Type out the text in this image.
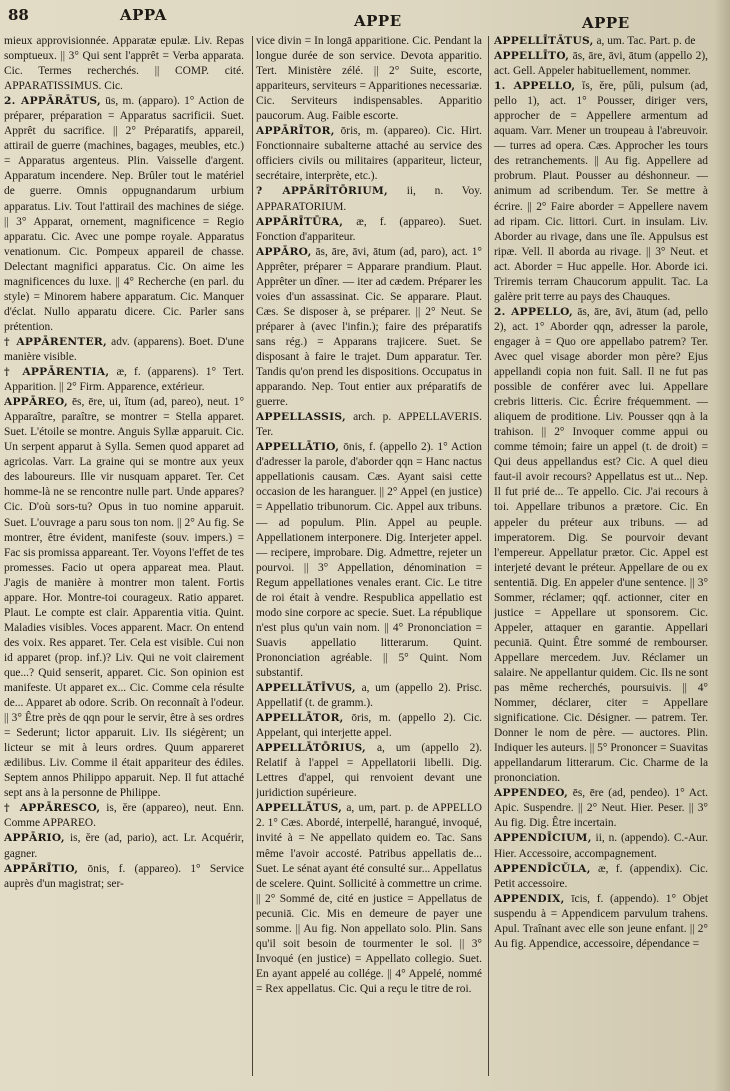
88	APPA	APPE	APPE

mieux approvisionnée. Apparatæ epulæ. Liv. Repas somptueux. || 3° Qui sent l'apprêt = Verba apparata. Cic. Termes recherchés. || COMP. cité. APPARATISSIMUS. Cic.

2. APPĀRĀTUS, ūs, m. (apparo). 1° Action de préparer, préparation = Apparatus sacrificii. Suet. Apprêt du sacrifice. || 2° Préparatifs, appareil, attirail de guerre (machines, bagages, meubles, etc.) = Apparatus argenteus. Plin. Vaisselle d'argent. Apparatum incendere. Nep. Brûler tout le matériel de guerre. Omnis oppugnandarum urbium apparatus. Liv. Tout l'attirail des machines de siége. || 3° Apparat, ornement, magnificence = Regio apparatu. Cic. Avec une pompe royale. Apparatus venationum. Cic. Pompeux appareil de chasse. Delectant magnifici apparatus. Cic. On aime les magnificences du luxe. || 4° Recherche (en parl. du style) = Minorem habere apparatum. Cic. Manquer d'éclat. Nullo apparatu dicere. Cic. Parler sans prétention.

† APPĀRENTER, adv. (apparens). Boet. D'une manière visible.

† APPĀRENTIA, æ, f. (apparens). 1° Tert. Apparition. || 2° Firm. Apparence, extérieur.

APPĀREO, ēs, ēre, ui, ĭtum (ad, pareo), neut. 1° Apparaître, paraître, se montrer = Stella apparet. Suet. L'étoile se montre. Anguis Syllæ apparuit. Cic. Un serpent apparut à Sylla. Semen quod apparet ad agricolas. Varr. La graine qui se montre aux yeux des laboureurs. Ille vir nusquam apparet. Ter. Cet homme-là ne se rencontre nulle part. Unde appares? Cic. D'où sors-tu? Opus in tuo nomine apparuit. Suet. L'ouvrage a paru sous ton nom. || 2° Au fig. Se montrer, être évident, manifeste (souv. impers.) = Fac sis promissa appareant. Ter. Voyons l'effet de tes promesses. Facio ut opera appareat mea. Plaut. J'agis de manière à montrer mon talent. Fortis appare. Hor. Montre-toi courageux. Ratio apparet. Plaut. Le compte est clair. Apparentia vitia. Quint. Maladies visibles. Voces apparent. Macr. On entend des voix. Res apparet. Ter. Cela est visible. Cui non id apparet (prop. inf.)? Liv. Qui ne voit clairement que...? Quid senserit, apparet. Cic. Son opinion est manifeste. Ut apparet ex... Cic. Comme cela résulte de... Apparet ab odore. Scrib. On reconnaît à l'odeur. || 3° Être près de qqn pour le servir, être à ses ordres = Sederunt; lictor apparuit. Liv. Ils siégèrent; un licteur se mit à leurs ordres. Quum appareret ædilibus. Liv. Comme il était appariteur des édiles. Septem annos Philippo apparuit. Nep. Il fut attaché sept ans à la personne de Philippe.

† APPĀRESCO, is, ĕre (appareo), neut. Enn. Comme APPAREO.

APPĀRIO, is, ĕre (ad, pario), act. Lr. Acquérir, gagner.

APPĀRĪTIO, ōnis, f. (appareo). 1° Service auprès d'un magistrat; ser-

vice divin = In longā apparitione. Cic. Pendant la longue durée de son service. Devota apparitio. Tert. Ministère zélé. || 2° Suite, escorte, appariteurs, serviteurs = Apparitiones necessariæ. Cic. Serviteurs indispensables. Apparitio paucorum. Aug. Faible escorte.

APPĀRĪTOR, ōris, m. (appareo). Cic. Hirt. Fonctionnaire subalterne attaché au service des officiers civils ou militaires (appariteur, licteur, secrétaire, interprète, etc.).

? APPĀRĪTŌRIUM, ii, n. Voy. APPARATORIUM.

APPĀRĪTŪRA, æ, f. (appareo). Suet. Fonction d'appariteur.

APPĀRO, ās, āre, āvi, ātum (ad, paro), act. 1° Apprêter, préparer = Apparare prandium. Plaut. Apprêter un dîner. — iter ad cædem. Préparer les voies d'un assassinat. Cic. Se apparare. Plaut. Cæs. Se disposer à, se préparer. || 2° Neut. Se préparer à (avec l'infin.); faire des préparatifs sans rég.) = Apparans trajicere. Suet. Se disposant à faire le trajet. Dum apparatur. Ter. Tandis qu'on prend les dispositions. Occupatus in apparando. Nep. Tout entier aux préparatifs de guerre.

APPELLASSIS, arch. p. APPELLAVERIS. Ter.

APPELLĀTIO, ōnis, f. (appello 2). 1° Action d'adresser la parole, d'aborder qqn = Hanc nactus appellationis causam. Cæs. Ayant saisi cette occasion de les haranguer. || 2° Appel (en justice) = Appellatio tribunorum. Cic. Appel aux tribuns. — ad populum. Plin. Appel au peuple. Appellationem interponere. Dig. Interjeter appel. — recipere, improbare. Dig. Admettre, rejeter un pourvoi. || 3° Appellation, dénomination = Regum appellationes venales erant. Cic. Le titre de roi était à vendre. Respublica appellatio est modo sine corpore ac specie. Suet. La république n'est plus qu'un vain nom. || 4° Prononciation = Suavis appellatio litterarum. Quint. Prononciation agréable. || 5° Quint. Nom substantif.

APPELLĀTĪVUS, a, um (appello 2). Prisc. Appellatif (t. de gramm.).

APPELLĀTOR, ōris, m. (appello 2). Cic. Appelant, qui interjette appel.

APPELLĀTŌRIUS, a, um (appello 2). Relatif à l'appel = Appellatorii libelli. Dig. Lettres d'appel, qui renvoient devant une juridiction supérieure.

APPELLĀTUS, a, um, part. p. de APPELLO 2. 1° Cæs. Abordé, interpellé, harangué, invoqué, invité à = Ne appellato quidem eo. Tac. Sans même l'avoir accosté. Patribus appellatis de... Suet. Le sénat ayant été consulté sur... Appellatus de scelere. Quint. Sollicité à commettre un crime. || 2° Sommé de, cité en justice = Appellatus de pecuniā. Cic. Mis en demeure de payer une somme. || Au fig. Non appellato solo. Plin. Sans qu'il soit besoin de tourmenter le sol. || 3° Invoqué (en justice) = Appellato collegio. Suet. En ayant appelé au collége. || 4° Appelé, nommé = Rex appellatus. Cic. Qui a reçu le titre de roi.

APPELLĪTĀTUS, a, um. Tac. Part. p. de

APPELLĪTO, ās, āre, āvi, ātum (appello 2), act. Gell. Appeler habituellement, nommer.

1. APPELLO, ĭs, ĕre, pŭli, pulsum (ad, pello 1), act. 1° Pousser, diriger vers, approcher de = Appellere armentum ad aquam. Varr. Mener un troupeau à l'abreuvoir. — turres ad opera. Cæs. Approcher les tours des retranchements. || Au fig. Appellere ad probrum. Plaut. Pousser au déshonneur. — animum ad scribendum. Ter. Se mettre à écrire. || 2° Faire aborder = Appellere navem ad ripam. Cic. littori. Curt. in insulam. Liv. Aborder au rivage, dans une île. Appulsus est ripæ. Vell. Il aborda au rivage. || 3° Neut. et act. Aborder = Huc appelle. Hor. Aborde ici. Triremis terram Chaucorum appulit. Tac. La galère prit terre au pays des Chauques.

2. APPELLO, ās, āre, āvi, ātum (ad, pello 2), act. 1° Aborder qqn, adresser la parole, engager à = Quo ore appellabo patrem? Ter. Avec quel visage aborder mon père? Ejus appellandi copia non fuit. Sall. Il ne fut pas possible de conférer avec lui. Appellare crebris litteris. Cic. Écrire fréquemment. — aliquem de proditione. Liv. Pousser qqn à la trahison. || 2° Invoquer comme appui ou comme témoin; faire un appel (t. de droit) = Qui deus appellandus est? Cic. A quel dieu faut-il avoir recours? Appellatus est ut... Nep. Il fut prié de... Te appello. Cic. J'ai recours à toi. Appellare tribunos a prætore. Cic. En appeler du préteur aux tribuns. — ad imperatorem. Dig. Se pourvoir devant l'empereur. Appellatur prætor. Cic. Appel est interjeté devant le préteur. Appellare de ou ex sententiā. Dig. En appeler d'une sentence. || 3° Sommer, réclamer; qqf. actionner, citer en justice = Appellare ut sponsorem. Cic. Appeler, attaquer en garantie. Appellari pecuniā. Quint. Être sommé de rembourser. Appellare mercedem. Juv. Réclamer un salaire. Ne appellantur quidem. Cic. Ils ne sont pas même recherchés, poursuivis. || 4° Nommer, déclarer, citer = Appellare significatione. Cic. Désigner. — patrem. Ter. Donner le nom de père. — auctores. Plin. Indiquer les auteurs. || 5° Prononcer = Suavitas appellandarum litterarum. Cic. Charme de la prononciation.

APPENDEO, ēs, ēre (ad, pendeo). 1° Act. Apic. Suspendre. || 2° Neut. Hier. Peser. || 3° Au fig. Dig. Être incertain.

APPENDĪCIUM, ii, n. (appendo). C.-Aur. Hier. Accessoire, accompagnement.

APPENDĪCŬLA, æ, f. (appendix). Cic. Petit accessoire.

APPENDIX, īcis, f. (appendo). 1° Objet suspendu à = Appendicem parvulum trahens. Apul. Traînant avec elle son jeune enfant. || 2° Au fig. Appendice, accessoire, dépendance =
